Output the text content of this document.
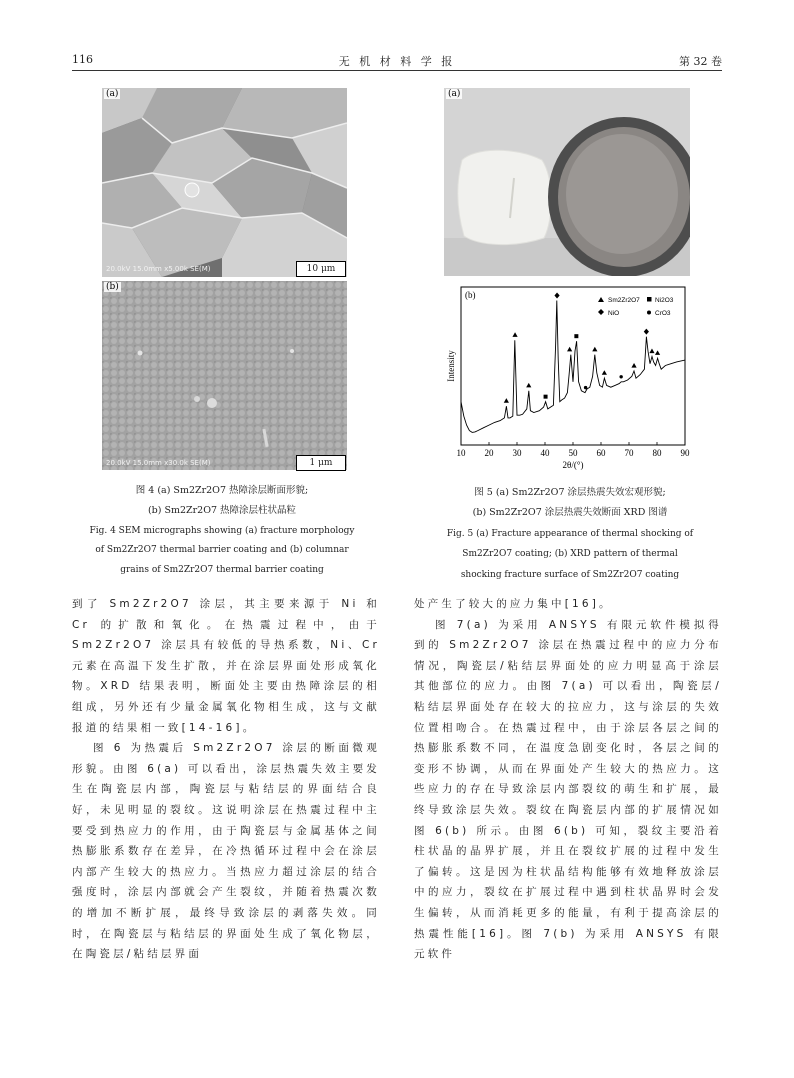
116	无 机 材 料 学 报	第 32 卷
(a)
20.0kV 15.0mm x5.00k SE(M)	10 μm
(b)
20.0kV 15.0mm x30.0k SE(M)	1 μm
图 4 (a) Sm2Zr2O7 热障涂层断面形貌;
(b) Sm2Zr2O7 热障涂层柱状晶粒
Fig. 4 SEM micrographs showing (a) fracture morphology
of Sm2Zr2O7 thermal barrier coating and (b) columnar
grains of Sm2Zr2O7 thermal barrier coating
(a)
(b)
10 20 30 40 50 60 70 80 90
2θ/(°)
Intensity
Sm2Zr2O7 Ni2O3
NiO	CrO3
图 5 (a) Sm2Zr2O7 涂层热震失效宏观形貌;
(b) Sm2Zr2O7 涂层热震失效断面 XRD 图谱
Fig. 5 (a) Fracture appearance of thermal shocking of
Sm2Zr2O7 coating; (b) XRD pattern of thermal
shocking fracture surface of Sm2Zr2O7 coating

到了 Sm2Zr2O7 涂层，其主要来源于 Ni 和 Cr 的扩散和氧化。在热震过程中，由于 Sm2Zr2O7 涂层具有较低的导热系数，Ni、Cr 元素在高温下发生扩散，并在涂层界面处形成氧化物。XRD 结果表明，断面处主要由热障涂层的相组成，另外还有少量金属氧化物相生成，这与文献报道的结果相一致[14-16]。

图 6 为热震后 Sm2Zr2O7 涂层的断面微观形貌。由图 6(a) 可以看出，涂层热震失效主要发生在陶瓷层内部，陶瓷层与粘结层的界面结合良好，未见明显的裂纹。这说明涂层在热震过程中主要受到热应力的作用，由于陶瓷层与金属基体之间热膨胀系数存在差异，在冷热循环过程中会在涂层内部产生较大的热应力。当热应力超过涂层的结合强度时，涂层内部就会产生裂纹，并随着热震次数的增加不断扩展，最终导致涂层的剥落失效。同时，在陶瓷层与粘结层的界面处生成了氧化物层，在陶瓷层/粘结层界面

处产生了较大的应力集中[16]。

图 7(a) 为采用 ANSYS 有限元软件模拟得到的 Sm2Zr2O7 涂层在热震过程中的应力分布情况，陶瓷层/粘结层界面处的应力明显高于涂层其他部位的应力。由图 7(a) 可以看出，陶瓷层/粘结层界面处存在较大的拉应力，这与涂层的失效位置相吻合。在热震过程中，由于涂层各层之间的热膨胀系数不同，在温度急剧变化时，各层之间的变形不协调，从而在界面处产生较大的热应力。这些应力的存在导致涂层内部裂纹的萌生和扩展，最终导致涂层失效。裂纹在陶瓷层内部的扩展情况如图 6(b) 所示。由图 6(b) 可知，裂纹主要沿着柱状晶的晶界扩展，并且在裂纹扩展的过程中发生了偏转。这是因为柱状晶结构能够有效地释放涂层中的应力，裂纹在扩展过程中遇到柱状晶界时会发生偏转，从而消耗更多的能量，有利于提高涂层的热震性能[16]。图 7(b) 为采用 ANSYS 有限元软件
